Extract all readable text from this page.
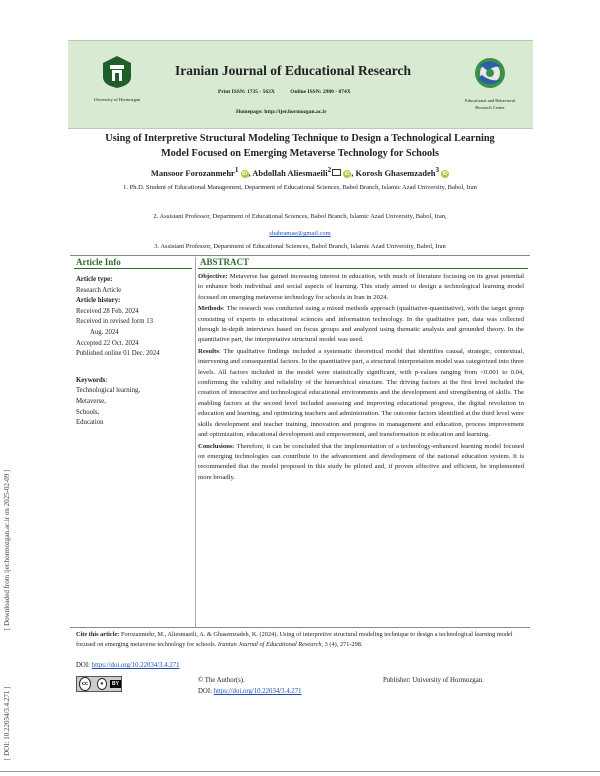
[ Downloaded from ijer.hormozgan.ac.ir on 2025-02-09 ]
[ DOI: 10.22034/3.4.271 ]
University of Hormozgan
Iranian Journal of Educational Research
Print ISSN: 1735 - 563X	Online ISSN: 2980 - 874X
Homepage: http://ijer.hormozgan.ac.ir
Educational and Behavioral
Research Center
Using of Interpretive Structural Modeling Technique to Design a Technological Learning
Model Focused on Emerging Metaverse Technology for Schools
Mansoor Forozanmehr$^1$ iD , Abdollah Aliesmaeili$^2$	iD , Korosh Ghasemzadeh$^3$ iD
1. Ph.D. Student of Educational Management, Department of Educational Sciences, Babol Branch, Islamic Azad University, Babol, Iran
2. Assistant Professor, Department of Educational Sciences, Babol Branch, Islamic Azad University, Babol, Iran,
shahramae@gmail.com
3. Assistant Professor, Department of Educational Sciences, Babol Branch, Islamic Azad University, Babol, Iran
Article Info	ABSTRACT
Article type:
Research Article
Article history:
Received 28 Feb. 2024
Received in revised form 13
Aug. 2024
Accepted 22 Oct. 2024
Published online 01 Dec. 2024
Keywords:
Technological learning,
Metaverse,
Schools,
Education

Objective: Metaverse has gained increasing interest in education, with much of literature focusing on its great potential to enhance both individual and social aspects of learning. This study aimed to design a technological learning model focused on emerging metaverse technology for schools in Iran in 2024.

Methods: The research was conducted using a mixed methods approach (qualitative-quantitative), with the target group consisting of experts in educational sciences and information technology. In the qualitative part, data was collected through in-depth interviews based on focus groups and analyzed using thematic analysis and grounded theory. In the quantitative part, the interpretative structural model was used.

Results: The qualitative findings included a systematic theoretical model that identifies causal, strategic, contextual, intervening and consequential factors. In the quantitative part, a structural interpretation model was categorized into three levels. All factors included in the model were statistically significant, with p-values ranging from <0.001 to 0.04, confirming the validity and reliability of the hierarchical structure. The driving factors at the first level included the creation of interactive and technological educational environments and the development and strengthening of skills. The enabling factors at the second level included assessing and improving educational progress, the digital revolution in education and learning, and optimizing teachers and administration. The outcome factors identified at the third level were skills development and teacher training, innovation and progress in management and education, process improvement and optimization, educational development and empowerment, and transformation in education and learning.

Conclusions: Therefore, it can be concluded that the implementation of a technology-enhanced learning model focused on emerging technologies can contribute to the advancement and development of the national education system. It is recommended that the model proposed in this study be piloted and, if proven effective and efficient, be implemented more broadly.

Cite this article: Forozanmehr, M., Aliesmaeili, A. & Ghasemzadeh, K. (2024). Using of interpretive structural modeling technique to design a technological learning model focused on emerging metaverse technology for schools. Iranian Journal of Educational Research, 3 (4), 271-298.
DOI: https://doi.org/10.22034/3.4.271
cc	●	BY	© The Author(s).	Publisher: University of Hormozgan.
DOI: https://doi.org/10.22034/3.4.271
